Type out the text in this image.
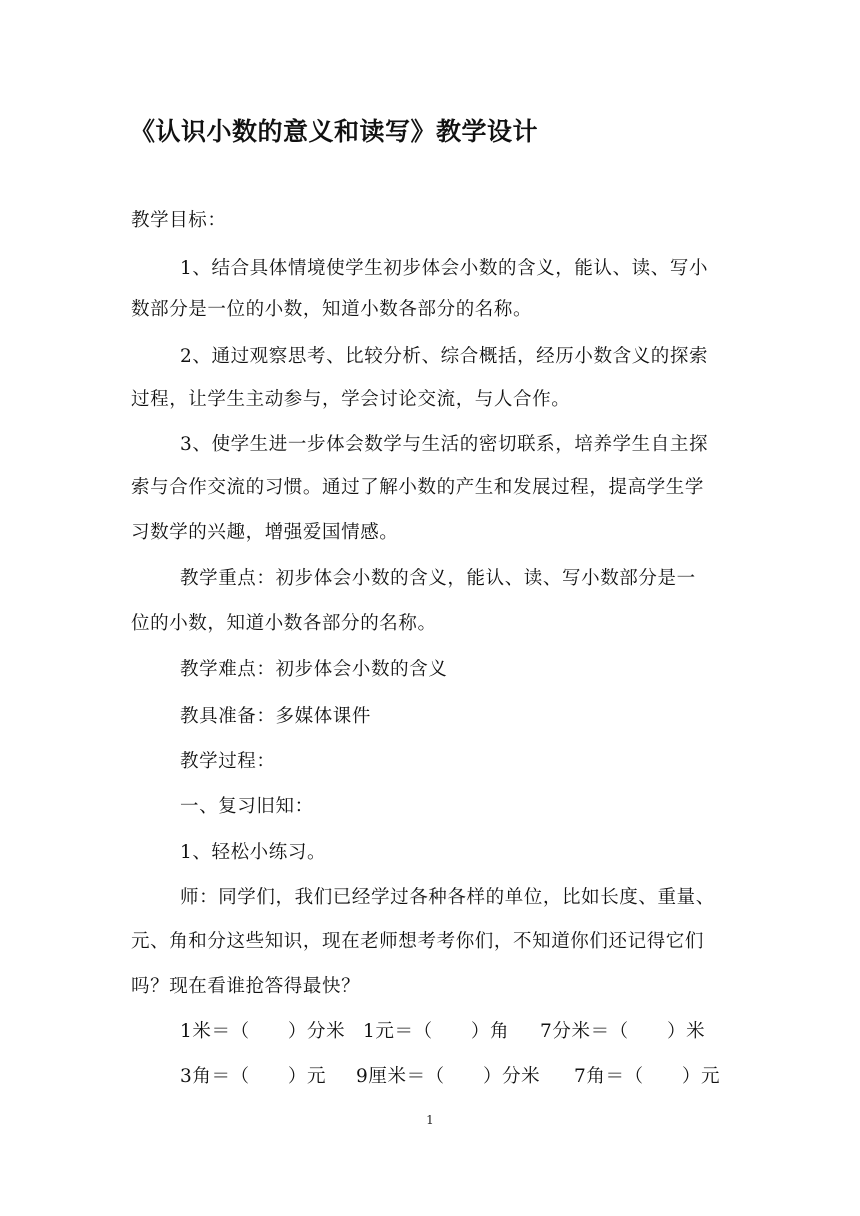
《认识小数的意义和读写》教学设计
教学目标：
1、结合具体情境使学生初步体会小数的含义，能认、读、写小
数部分是一位的小数，知道小数各部分的名称。
2、通过观察思考、比较分析、综合概括，经历小数含义的探索
过程，让学生主动参与，学会讨论交流，与人合作。
3、使学生进一步体会数学与生活的密切联系，培养学生自主探
索与合作交流的习惯。通过了解小数的产生和发展过程，提高学生学
习数学的兴趣，增强爱国情感。
教学重点：初步体会小数的含义，能认、读、写小数部分是一
位的小数，知道小数各部分的名称。
教学难点：初步体会小数的含义
教具准备：多媒体课件
教学过程：
一、复习旧知：
1、轻松小练习。
师：同学们，我们已经学过各种各样的单位，比如长度、重量、
元、角和分这些知识，现在老师想考考你们，不知道你们还记得它们
吗？现在看谁抢答得最快？
1米＝（　　）分米 1元＝（　　）角 7分米＝（　　）米
3角＝（　　）元 9厘米＝（　　）分米 7角＝（　　）元
1
